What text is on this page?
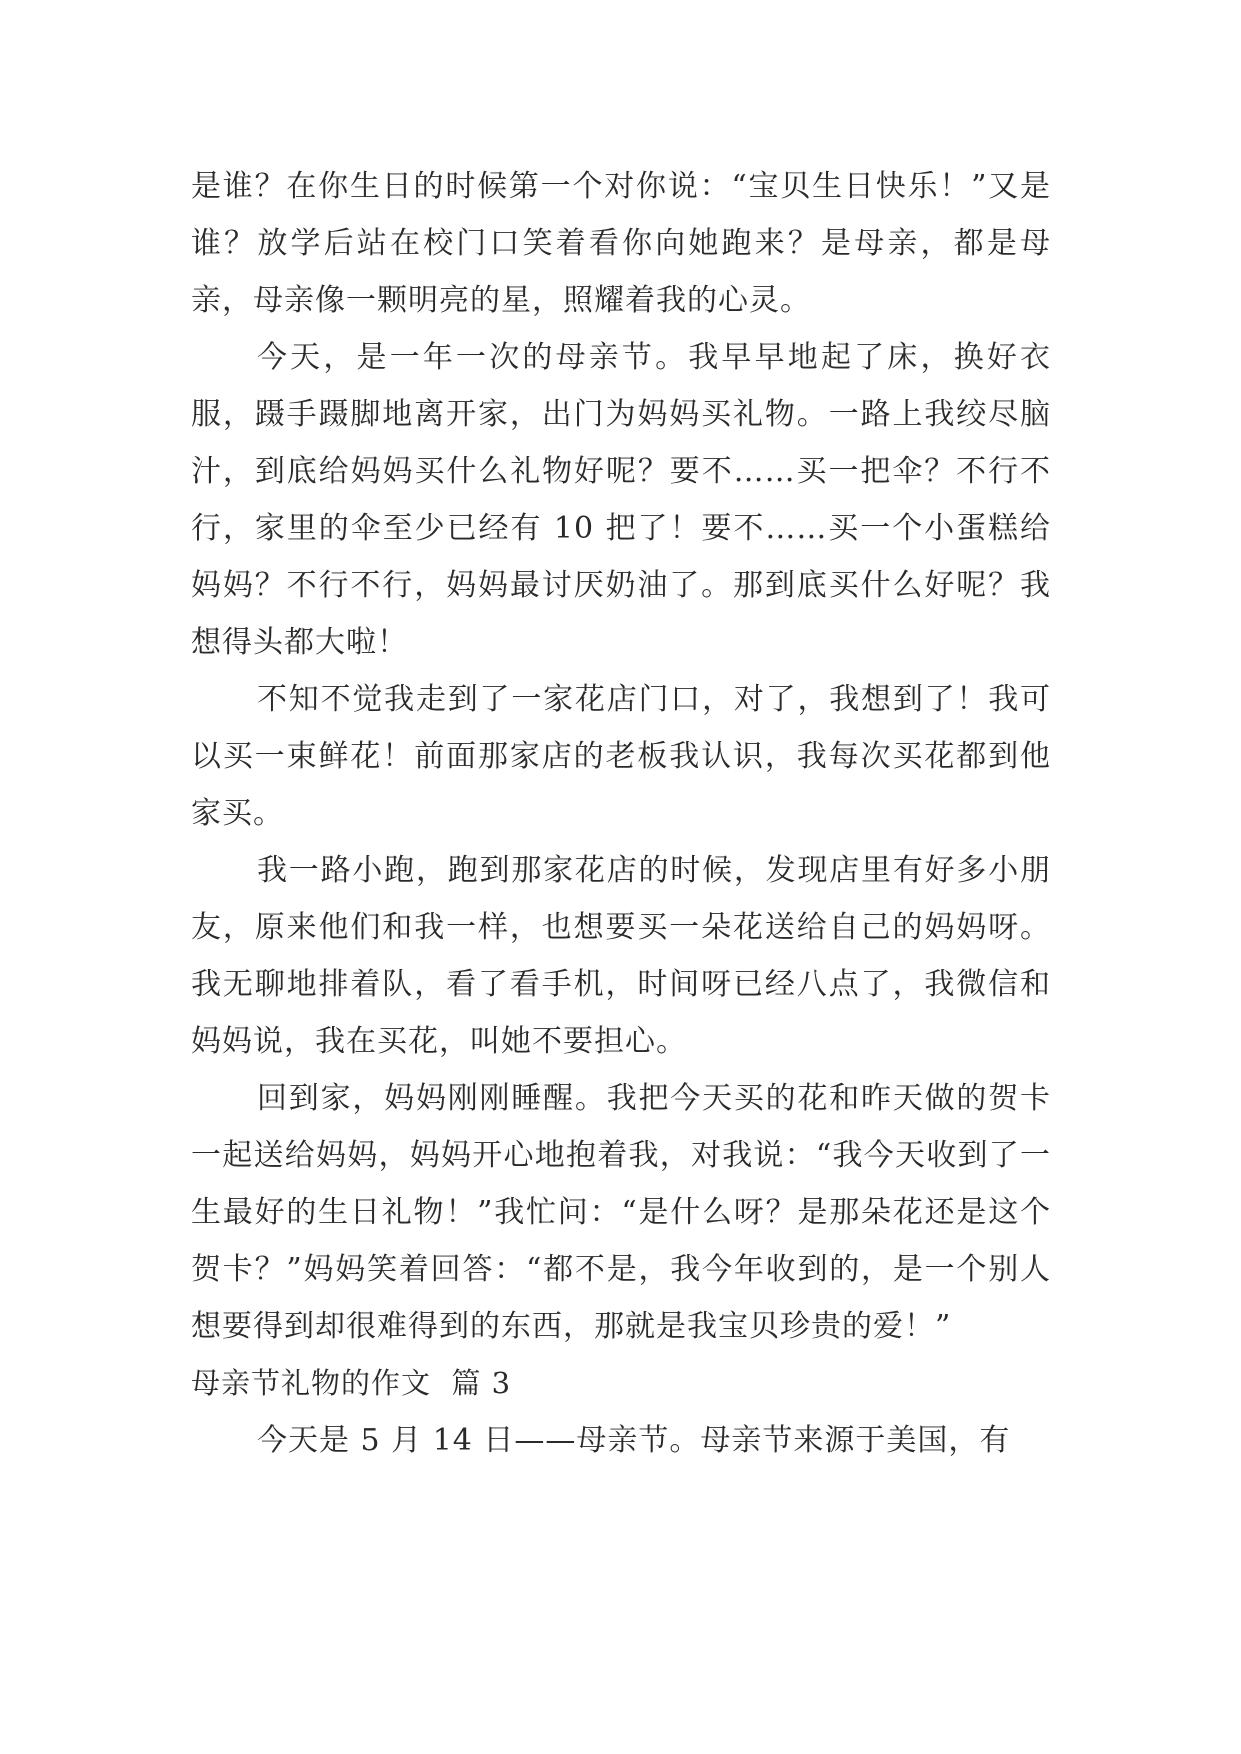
是谁？在你生日的时候第一个对你说：“宝贝生日快乐！”又是谁？放学后站在校门口笑着看你向她跑来？是母亲，都是母亲，母亲像一颗明亮的星，照耀着我的心灵。

今天，是一年一次的母亲节。我早早地起了床，换好衣服，蹑手蹑脚地离开家，出门为妈妈买礼物。一路上我绞尽脑汁，到底给妈妈买什么礼物好呢？要不……买一把伞？不行不行，家里的伞至少已经有 10 把了！要不……买一个小蛋糕给妈妈？不行不行，妈妈最讨厌奶油了。那到底买什么好呢？我想得头都大啦！

不知不觉我走到了一家花店门口，对了，我想到了！我可以买一束鲜花！前面那家店的老板我认识，我每次买花都到他家买。

我一路小跑，跑到那家花店的时候，发现店里有好多小朋友，原来他们和我一样，也想要买一朵花送给自己的妈妈呀。我无聊地排着队，看了看手机，时间呀已经八点了，我微信和妈妈说，我在买花，叫她不要担心。

回到家，妈妈刚刚睡醒。我把今天买的花和昨天做的贺卡一起送给妈妈，妈妈开心地抱着我，对我说：“我今天收到了一生最好的生日礼物！”我忙问：“是什么呀？是那朵花还是这个贺卡？”妈妈笑着回答：“都不是，我今年收到的，是一个别人想要得到却很难得到的东西，那就是我宝贝珍贵的爱！”

母亲节礼物的作文  篇 3

今天是 5 月 14 日——母亲节。母亲节来源于美国，有
